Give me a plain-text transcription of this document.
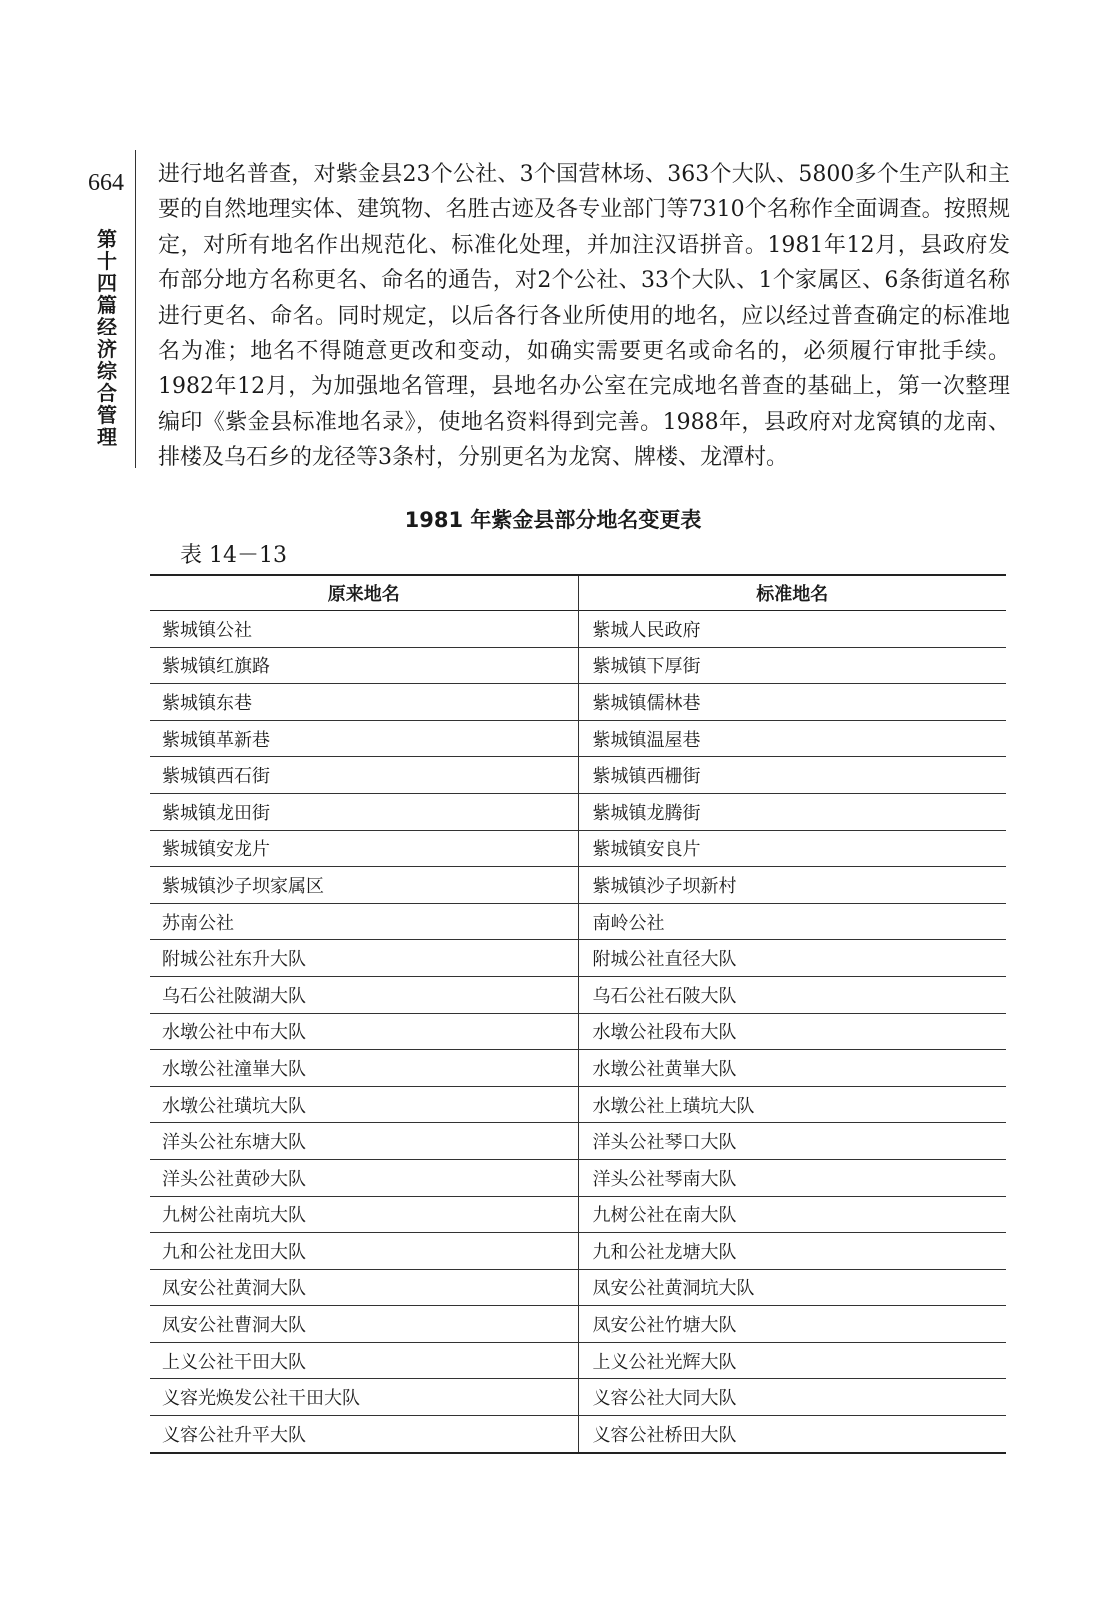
664
第十四篇 经济综合管理
进行地名普查，对紫金县23个公社、3个国营林场、363个大队、5800多个生产队和主要的自然地理实体、建筑物、名胜古迹及各专业部门等7310个名称作全面调查。按照规定，对所有地名作出规范化、标准化处理，并加注汉语拼音。1981年12月，县政府发布部分地方名称更名、命名的通告，对2个公社、33个大队、1个家属区、6条街道名称进行更名、命名。同时规定，以后各行各业所使用的地名，应以经过普查确定的标准地名为准；地名不得随意更改和变动，如确实需要更名或命名的，必须履行审批手续。1982年12月，为加强地名管理，县地名办公室在完成地名普查的基础上，第一次整理编印《紫金县标准地名录》，使地名资料得到完善。1988年，县政府对龙窝镇的龙南、排楼及乌石乡的龙径等3条村，分别更名为龙窝、牌楼、龙潭村。
1981 年紫金县部分地名变更表
表 14－13
原来地名	标准地名
紫城镇公社	紫城人民政府
紫城镇红旗路	紫城镇下厚街
紫城镇东巷	紫城镇儒林巷
紫城镇革新巷	紫城镇温屋巷
紫城镇西石街	紫城镇西栅街
紫城镇龙田街	紫城镇龙腾街
紫城镇安龙片	紫城镇安良片
紫城镇沙子坝家属区	紫城镇沙子坝新村
苏南公社	南岭公社
附城公社东升大队	附城公社直径大队
乌石公社陂湖大队	乌石公社石陂大队
水墩公社中布大队	水墩公社段布大队
水墩公社潼崋大队	水墩公社黄崋大队
水墩公社璜坑大队	水墩公社上璜坑大队
洋头公社东塘大队	洋头公社琴口大队
洋头公社黄砂大队	洋头公社琴南大队
九树公社南坑大队	九树公社在南大队
九和公社龙田大队	九和公社龙塘大队
凤安公社黄洞大队	凤安公社黄洞坑大队
凤安公社曹洞大队	凤安公社竹塘大队
上义公社干田大队	上义公社光辉大队
义容光焕发公社干田大队	义容公社大同大队
义容公社升平大队	义容公社桥田大队
